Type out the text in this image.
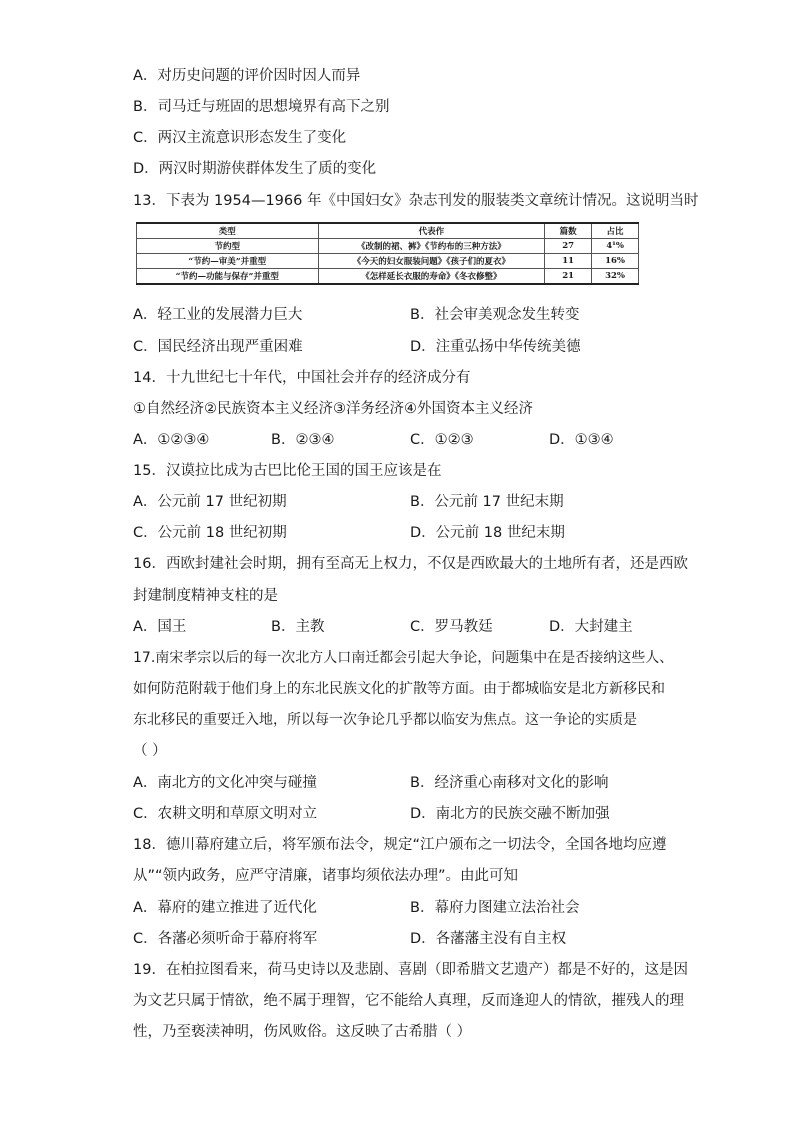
A．对历史问题的评价因时因人而异
B．司马迁与班固的思想境界有高下之别
C．两汉主流意识形态发生了变化
D．两汉时期游侠群体发生了质的变化
13．下表为 1954—1966 年《中国妇女》杂志刊发的服装类文章统计情况。这说明当时
类型	代表作	篇数	占比
节约型	《改制的裙、裤》《节约布的三种方法》	27	4¹%
“节约—审美”并重型	《今天的妇女服装问题》《孩子们的夏衣》	11	16%
“节约—功能与保存”并重型	《怎样延长衣服的寿命》《冬衣修整》	21	32%
A．轻工业的发展潜力巨大	B．社会审美观念发生转变
C．国民经济出现严重困难	D．注重弘扬中华传统美德
14．十九世纪七十年代，中国社会并存的经济成分有
①自然经济②民族资本主义经济③洋务经济④外国资本主义经济
A．①②③④	B．②③④	C．①②③	D．①③④
15．汉谟拉比成为古巴比伦王国的国王应该是在
A．公元前 17 世纪初期	B．公元前 17 世纪末期
C．公元前 18 世纪初期	D．公元前 18 世纪末期
16．西欧封建社会时期，拥有至高无上权力，不仅是西欧最大的土地所有者，还是西欧
封建制度精神支柱的是
A．国王	B．主教	C．罗马教廷	D．大封建主
17.南宋孝宗以后的每一次北方人口南迁都会引起大争论，问题集中在是否接纳这些人、
如何防范附载于他们身上的东北民族文化的扩散等方面。由于都城临安是北方新移民和
东北移民的重要迁入地，所以每一次争论几乎都以临安为焦点。这一争论的实质是
（ ）
A．南北方的文化冲突与碰撞	B．经济重心南移对文化的影响
C．农耕文明和草原文明对立	D．南北方的民族交融不断加强
18．德川幕府建立后，将军颁布法令，规定“江户颁布之一切法令，全国各地均应遵
从”“领内政务，应严守清廉，诸事均须依法办理”。由此可知
A．幕府的建立推进了近代化	B．幕府力图建立法治社会
C．各藩必须听命于幕府将军	D．各藩藩主没有自主权
19．在柏拉图看来，荷马史诗以及悲剧、喜剧（即希腊文艺遗产）都是不好的，这是因
为文艺只属于情欲，绝不属于理智，它不能给人真理，反而逢迎人的情欲，摧残人的理
性，乃至亵渎神明，伤风败俗。这反映了古希腊（ ）
